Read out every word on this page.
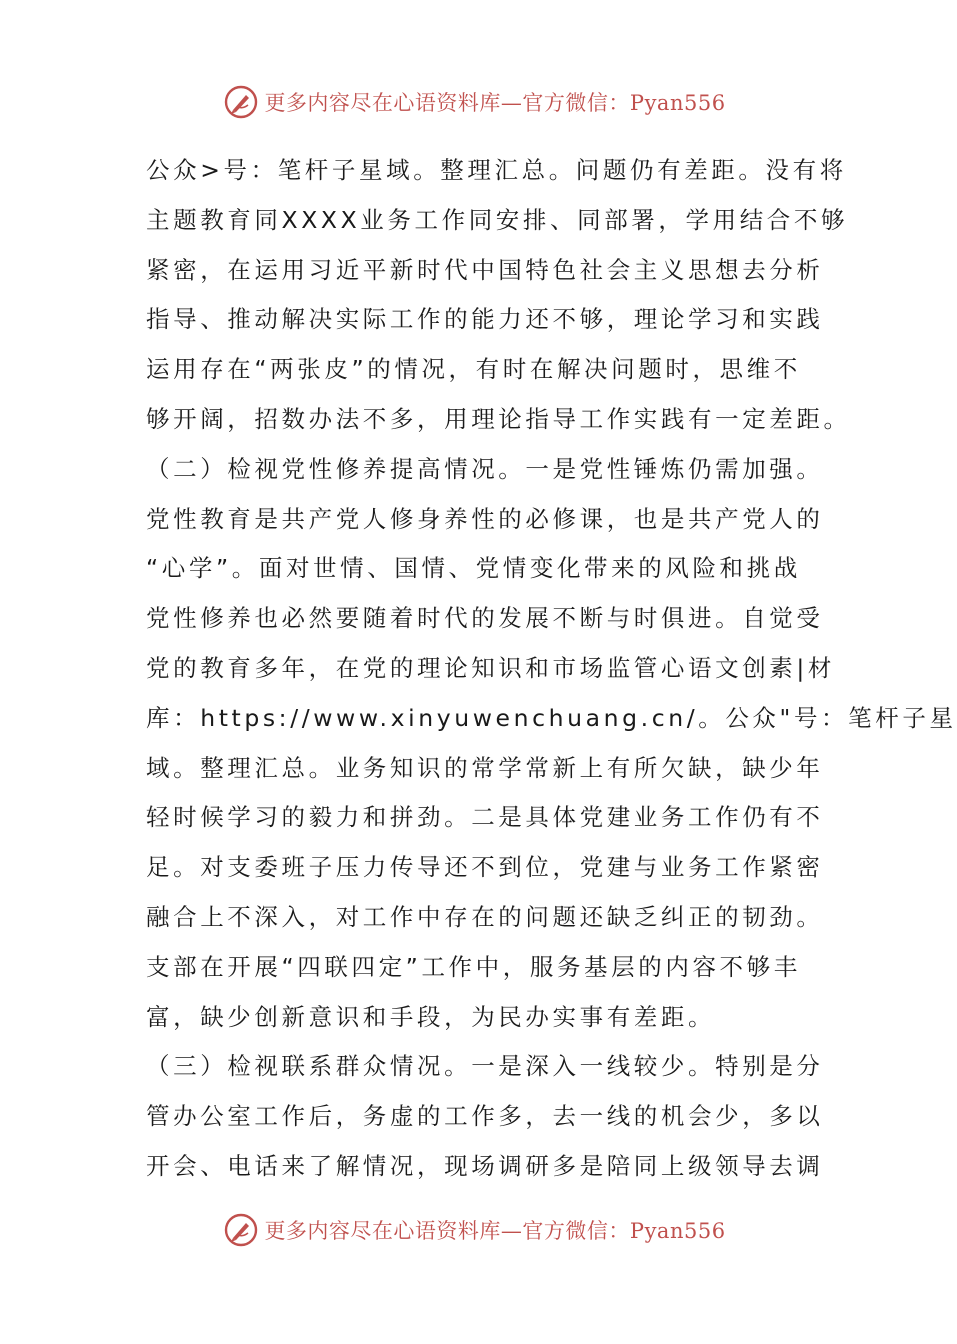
更多内容尽在心语资料库—官方微信：Pyan556
公众>号：笔杆子星域。整理汇总。问题仍有差距。没有将
主题教育同XXXX业务工作同安排、同部署，学用结合不够
紧密，在运用习近平新时代中国特色社会主义思想去分析
指导、推动解决实际工作的能力还不够，理论学习和实践
运用存在“两张皮”的情况，有时在解决问题时，思维不
够开阔，招数办法不多，用理论指导工作实践有一定差距。
（二）检视党性修养提高情况。一是党性锤炼仍需加强。
党性教育是共产党人修身养性的必修课，也是共产党人的
“心学”。面对世情、国情、党情变化带来的风险和挑战
党性修养也必然要随着时代的发展不断与时俱进。自觉受
党的教育多年，在党的理论知识和市场监管心语文创素|材
库：https://www.xinyuwenchuang.cn/。公众"号：笔杆子星
域。整理汇总。业务知识的常学常新上有所欠缺，缺少年
轻时候学习的毅力和拼劲。二是具体党建业务工作仍有不
足。对支委班子压力传导还不到位，党建与业务工作紧密
融合上不深入，对工作中存在的问题还缺乏纠正的韧劲。
支部在开展“四联四定”工作中，服务基层的内容不够丰
富，缺少创新意识和手段，为民办实事有差距。
（三）检视联系群众情况。一是深入一线较少。特别是分
管办公室工作后，务虚的工作多，去一线的机会少，多以
开会、电话来了解情况，现场调研多是陪同上级领导去调
更多内容尽在心语资料库—官方微信：Pyan556
